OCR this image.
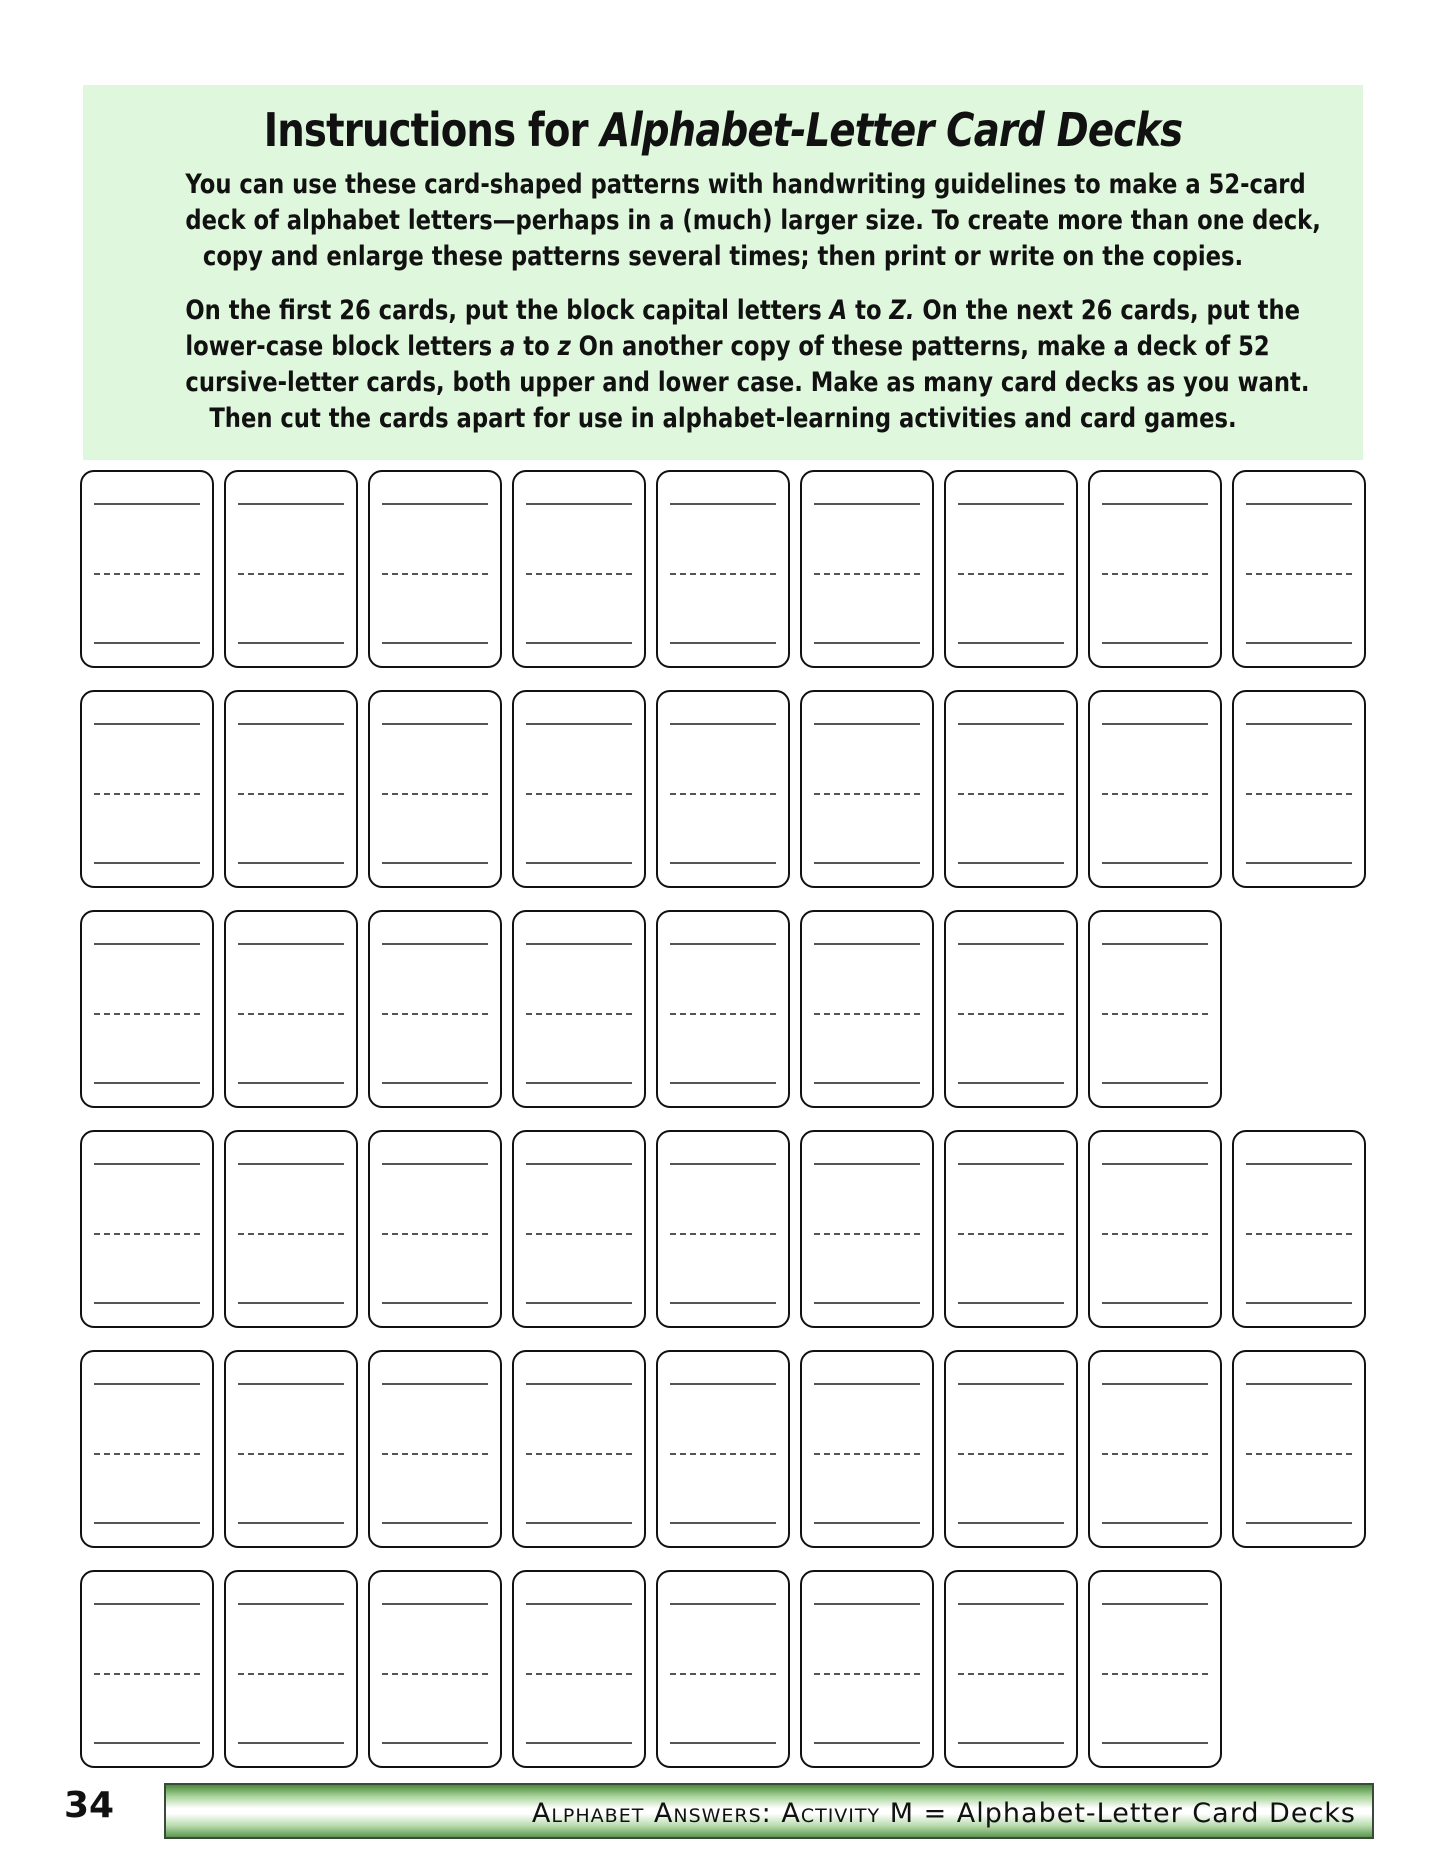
Instructions for Alphabet-Letter Card Decks
You can use these card-shaped patterns with handwriting guidelines to make a 52-card
deck of alphabet letters—perhaps in a (much) larger size. To create more than one deck,
copy and enlarge these patterns several times; then print or write on the copies.
On the first 26 cards, put the block capital letters A to Z. On the next 26 cards, put the
lower-case block letters a to z On another copy of these patterns, make a deck of 52
cursive-letter cards, both upper and lower case. Make as many card decks as you want.
Then cut the cards apart for use in alphabet-learning activities and card games.
34	Alphabet Answers: Activity M = Alphabet-Letter Card Decks
